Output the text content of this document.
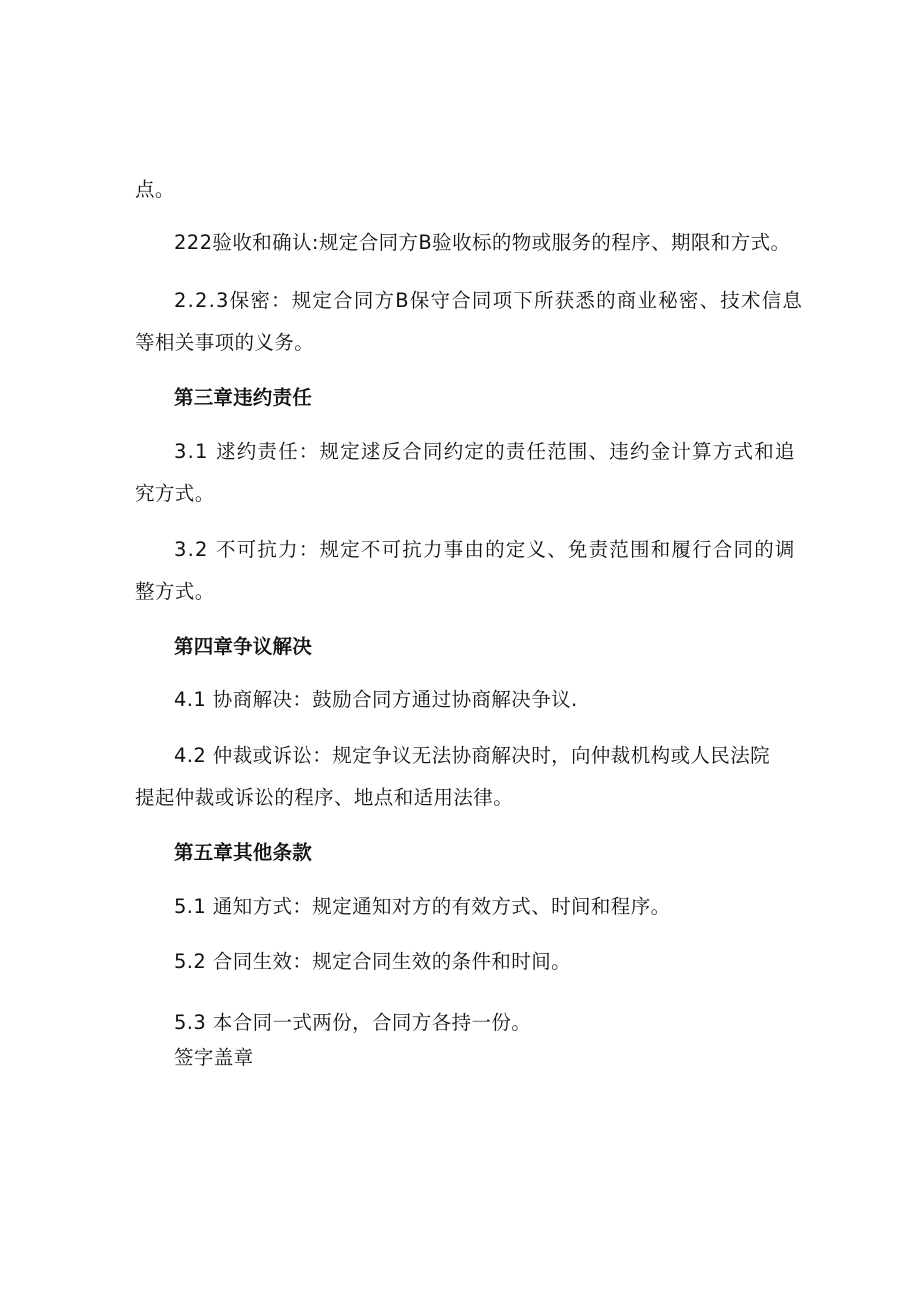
点。
222验收和确认:规定合同方B验收标的物或服务的程序、期限和方式。
2.2.3保密：规定合同方B保守合同项下所获悉的商业秘密、技术信息
等相关事项的义务。
第三章违约责任
3.1 逑约责任：规定逑反合同约定的责任范围、违约金计算方式和追
究方式。
3.2 不可抗力：规定不可抗力事由的定义、免责范围和履行合同的调
整方式。
第四章争议解决
4.1 协商解决：鼓励合同方通过协商解决争议.
4.2 仲裁或诉讼：规定争议无法协商解决时，向仲裁机构或人民法院
提起仲裁或诉讼的程序、地点和适用法律。
第五章其他条款
5.1 通知方式：规定通知对方的有效方式、时间和程序。
5.2 合同生效：规定合同生效的条件和时间。
5.3 本合同一式两份，合同方各持一份。
签字盖章
